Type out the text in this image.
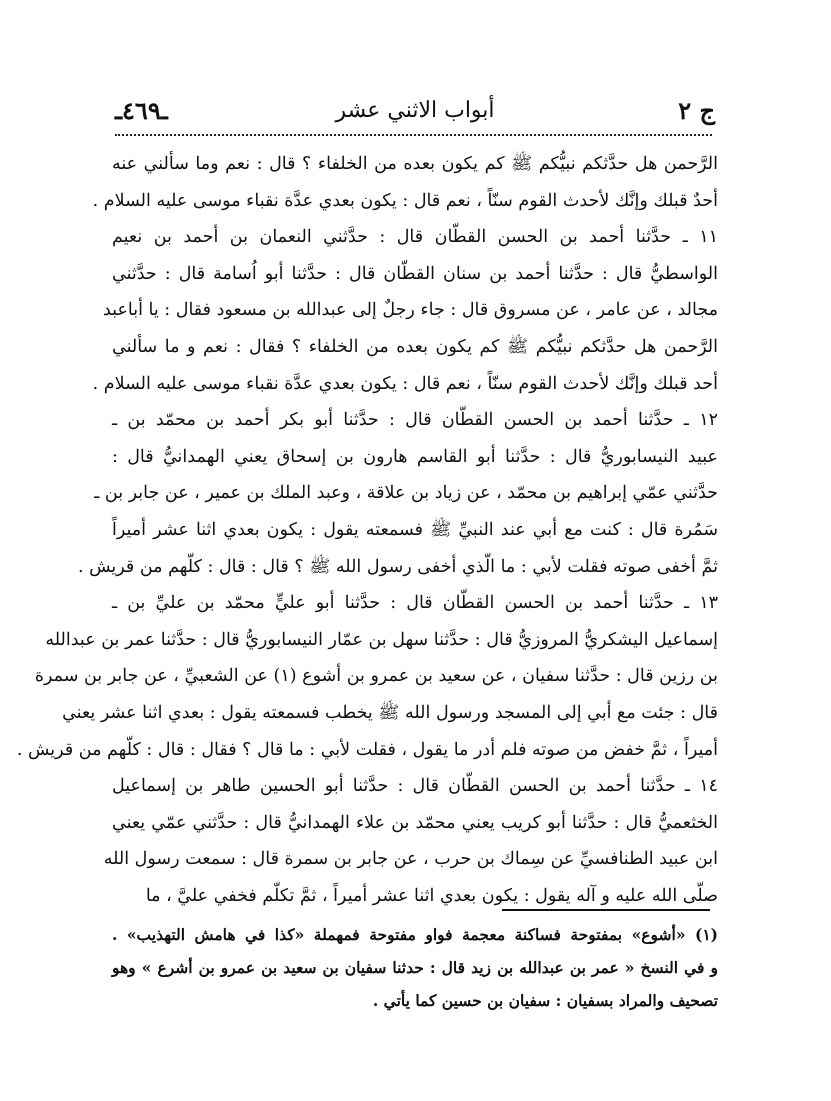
ج ٢
أبواب الاثني عشر
ـ٤٦٩ـ
الرَّحمن هل حدَّثكم نبيُّكم ﷺ كم يكون بعده من الخلفاء ؟ قال : نعم وما سألني عنه
أحدٌ قبلك وإنَّك لأحدث القوم سنّاً ، نعم قال : يكون بعدي عدَّة نقباء موسى عليه السلام .
١١ ـ حدَّثنا أحمد بن الحسن القطّان قال : حدَّثني النعمان بن أحمد بن نعيم
الواسطيُّ قال : حدَّثنا أحمد بن سنان القطّان قال : حدَّثنا أبو اُسامة قال : حدَّثني
مجالد ، عن عامر ، عن مسروق قال : جاء رجلٌ إلى عبدالله بن مسعود فقال : يا أباعبد
الرَّحمن هل حدَّثكم نبيُّكم ﷺ كم يكون بعده من الخلفاء ؟ فقال : نعم و ما سألني
أحد قبلك وإنَّك لأحدث القوم سنّاً ، نعم قال : يكون بعدي عدَّة نقباء موسى عليه السلام .
١٢ ـ حدَّثنا أحمد بن الحسن القطّان قال : حدَّثنا أبو بكر أحمد بن محمّد بن ـ
عبيد النيسابوريُّ قال : حدَّثنا أبو القاسم هارون بن إسحاق يعني الهمدانيُّ قال :
حدَّثني عمّي إبراهيم بن محمّد ، عن زياد بن علاقة ، وعبد الملك بن عمير ، عن جابر بن ـ
سَمُرة قال : كنت مع أبي عند النبيِّ ﷺ فسمعته يقول : يكون بعدي اثنا عشر أميراً
ثمَّ أخفى صوته فقلت لأبي : ما الّذي أخفى رسول الله ﷺ ؟ قال : قال : كلّهم من قريش .
١٣ ـ حدَّثنا أحمد بن الحسن القطّان قال : حدَّثنا أبو عليٍّ محمّد بن عليِّ بن ـ
إسماعيل اليشكريُّ المروزيُّ قال : حدَّثنا سهل بن عمّار النيسابوريُّ قال : حدَّثنا عمر بن عبدالله
بن رزين قال : حدَّثنا سفيان ، عن سعيد بن عمرو بن أشوع (١) عن الشعبيِّ ، عن جابر بن سمرة
قال : جئت مع أبي إلى المسجد ورسول الله ﷺ يخطب فسمعته يقول : بعدي اثنا عشر يعني
أميراً ، ثمَّ خفض من صوته فلم أدر ما يقول ، فقلت لأبي : ما قال ؟ فقال : قال : كلّهم من قريش .
١٤ ـ حدَّثنا أحمد بن الحسن القطّان قال : حدَّثنا أبو الحسين طاهر بن إسماعيل
الخثعميُّ قال : حدَّثنا أبو كريب يعني محمّد بن علاء الهمدانيُّ قال : حدَّثني عمّي يعني
ابن عبيد الطنافسيِّ عن سِماك بن حرب ، عن جابر بن سمرة قال : سمعت رسول الله
صلّى الله عليه و آله يقول : يكون بعدي اثنا عشر أميراً ، ثمَّ تكلّم فخفي عليَّ ، ما
(١) «أشوع» بمفتوحة فساكنة معجمة فواو مفتوحة فمهملة «كذا في هامش التهذيب» .
و في النسخ « عمر بن عبدالله بن زيد قال : حدثنا سفيان بن سعيد بن عمرو بن أشرع » وهو
تصحيف والمراد بسفيان : سفيان بن حسين كما يأتي .
